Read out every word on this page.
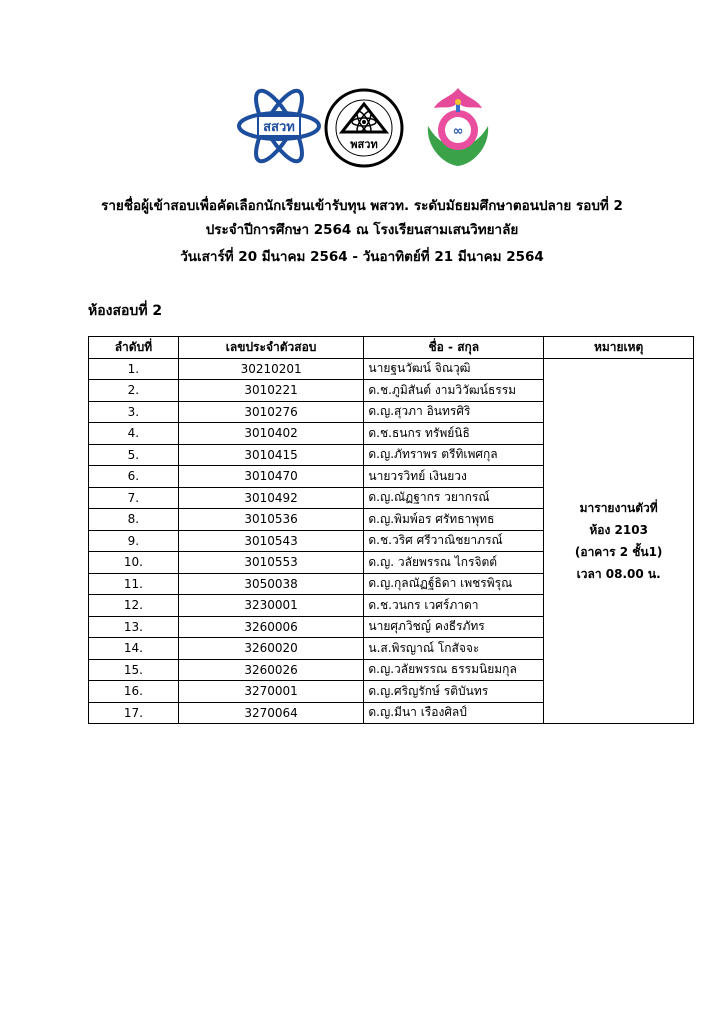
สสวท
พสวท
∞
รายชื่อผู้เข้าสอบเพื่อคัดเลือกนักเรียนเข้ารับทุน พสวท. ระดับมัธยมศึกษาตอนปลาย รอบที่ 2
ประจำปีการศึกษา 2564 ณ โรงเรียนสามเสนวิทยาลัย
วันเสาร์ที่ 20 มีนาคม 2564 - วันอาทิตย์ที่ 21 มีนาคม 2564
ห้องสอบที่ 2
ลำดับที่	เลขประจำตัวสอบ	ชื่อ - สกุล	หมายเหตุ
1.	30210201	นายฐนวัฒน์ จิณวุฒิ	มารายงานตัวที่
ห้อง 2103
(อาคาร 2 ชั้น1)
เวลา 08.00 น.

2.	3010221	ด.ช.ภูมิสันต์ งามวิวัฒน์ธรรม	
3.	3010276	ด.ญ.สุวภา อินทรศิริ	
4.	3010402	ด.ช.ธนกร ทรัพย์นิธิ	
5.	3010415	ด.ญ.ภัทราพร ตรีทิเพศกุล	
6.	3010470	นายวรวิทย์ เงินยวง	
7.	3010492	ด.ญ.ณัฏฐากร วยากรณ์	
8.	3010536	ด.ญ.พิมพ์อร ศรัทธาพุทธ	
9.	3010543	ด.ช.วริศ ศรีวาณิชยาภรณ์	
10.	3010553	ด.ญ. วลัยพรรณ ไกรจิตต์	
11.	3050038	ด.ญ.กุลณัฏฐ์ธิดา เพชรพิรุณ	
12.	3230001	ด.ช.วนกร เวศร์ภาดา	
13.	3260006	นายศุภวิชญ์ คงธีรภัทร	
14.	3260020	น.ส.พิรญาณ์ โกสัจจะ	
15.	3260026	ด.ญ.วลัยพรรณ ธรรมนิยมกุล	
16.	3270001	ด.ญ.ศริญรักษ์ รติบันทร	
17.	3270064	ด.ญ.มีนา เรืองศิลป์	
